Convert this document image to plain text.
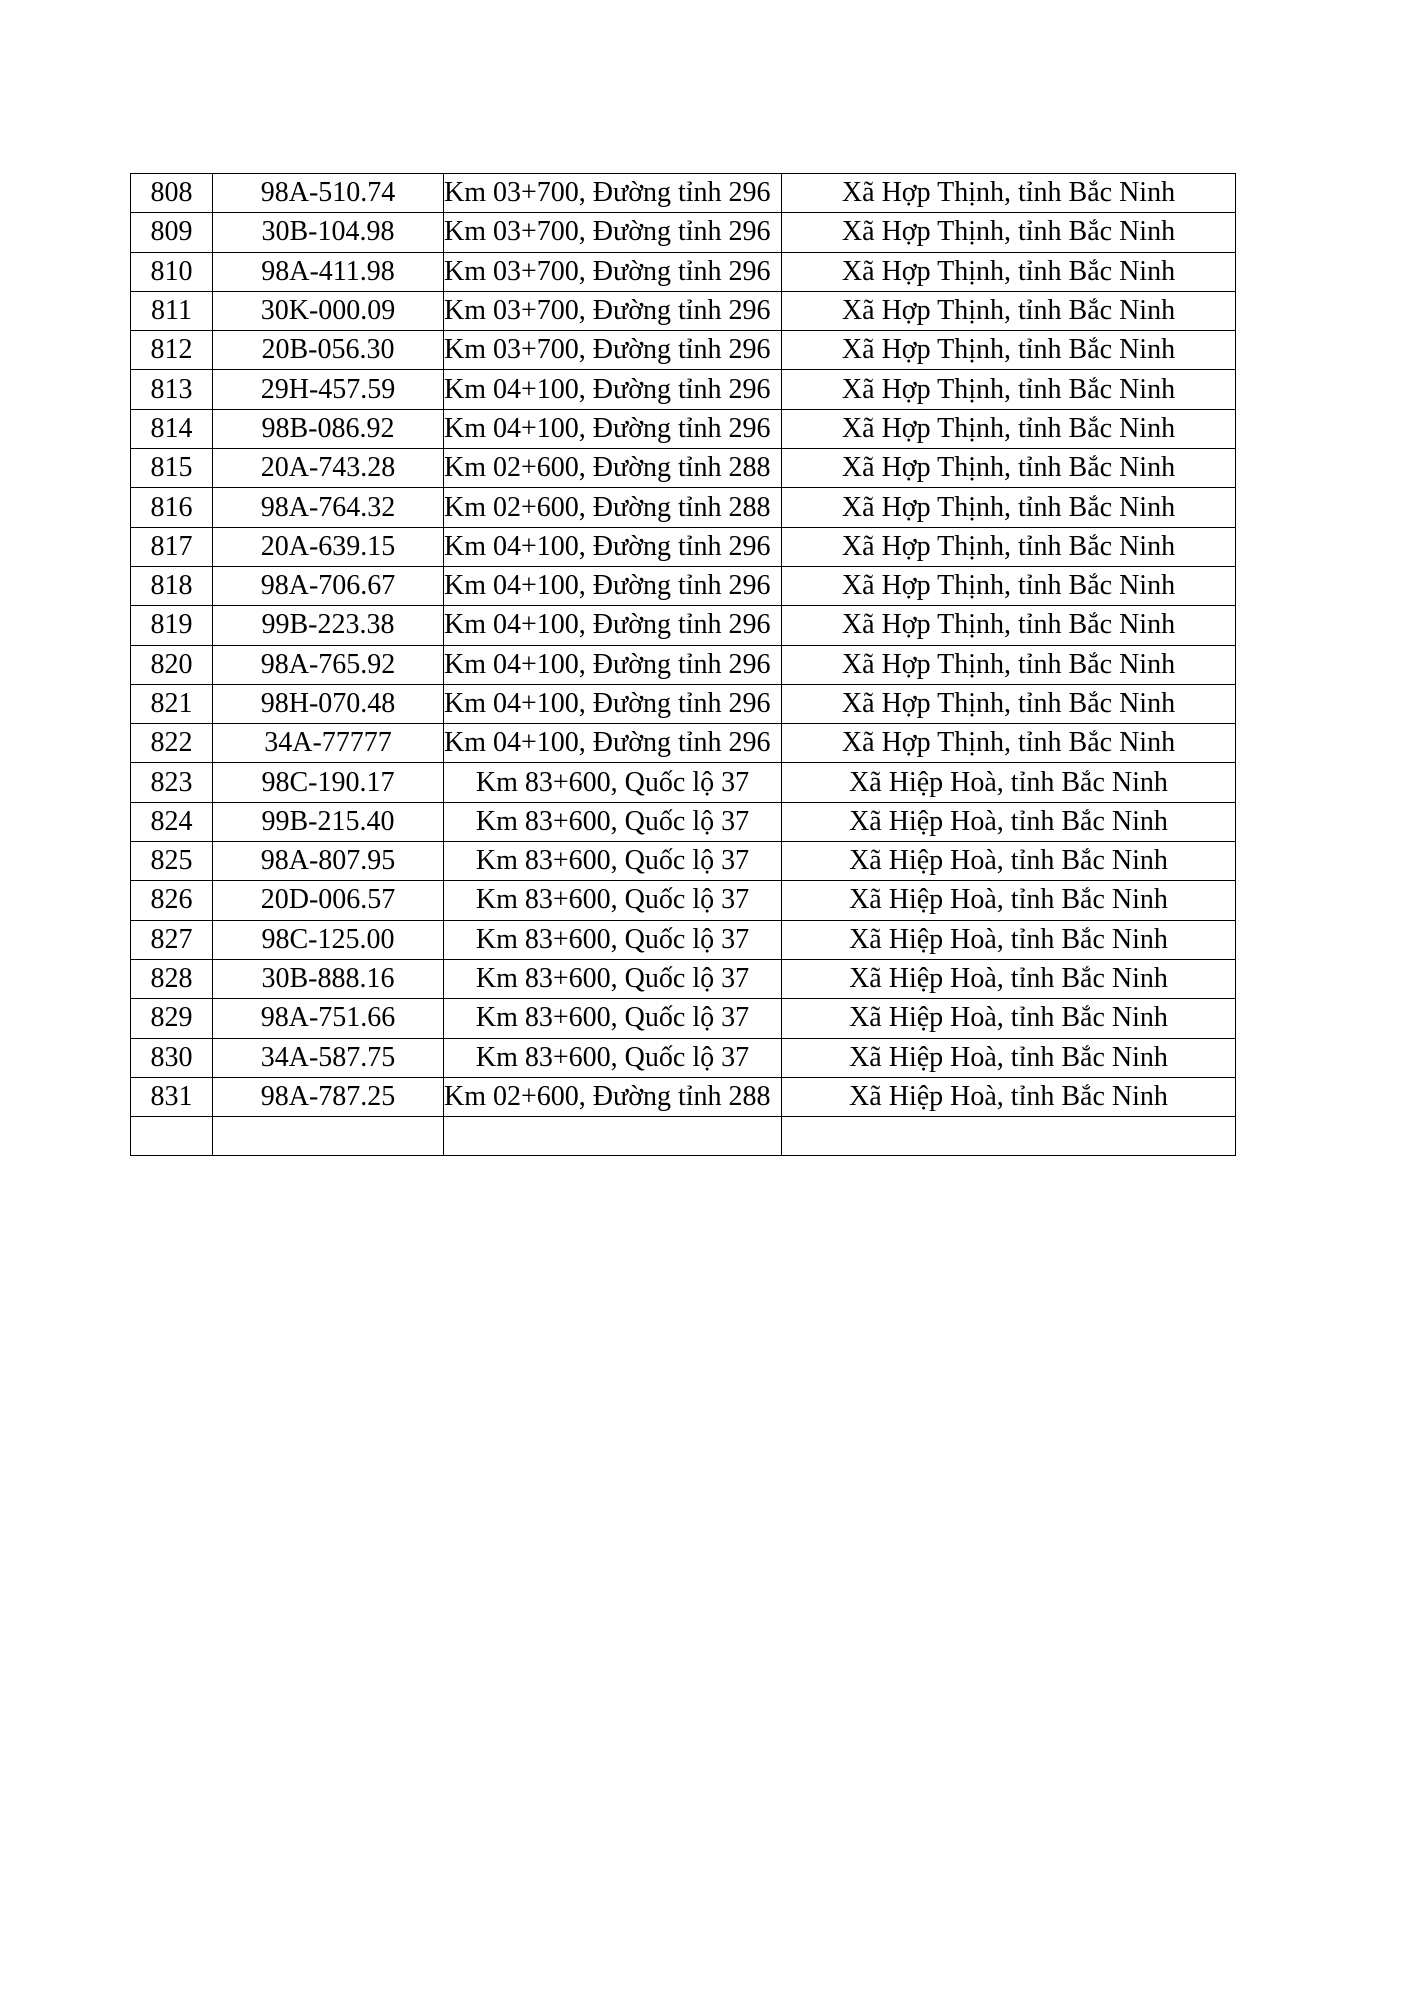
808	98A-510.74	Km 03+700, Đường tỉnh 296	Xã Hợp Thịnh, tỉnh Bắc Ninh
809	30B-104.98	Km 03+700, Đường tỉnh 296	Xã Hợp Thịnh, tỉnh Bắc Ninh
810	98A-411.98	Km 03+700, Đường tỉnh 296	Xã Hợp Thịnh, tỉnh Bắc Ninh
811	30K-000.09	Km 03+700, Đường tỉnh 296	Xã Hợp Thịnh, tỉnh Bắc Ninh
812	20B-056.30	Km 03+700, Đường tỉnh 296	Xã Hợp Thịnh, tỉnh Bắc Ninh
813	29H-457.59	Km 04+100, Đường tỉnh 296	Xã Hợp Thịnh, tỉnh Bắc Ninh
814	98B-086.92	Km 04+100, Đường tỉnh 296	Xã Hợp Thịnh, tỉnh Bắc Ninh
815	20A-743.28	Km 02+600, Đường tỉnh 288	Xã Hợp Thịnh, tỉnh Bắc Ninh
816	98A-764.32	Km 02+600, Đường tỉnh 288	Xã Hợp Thịnh, tỉnh Bắc Ninh
817	20A-639.15	Km 04+100, Đường tỉnh 296	Xã Hợp Thịnh, tỉnh Bắc Ninh
818	98A-706.67	Km 04+100, Đường tỉnh 296	Xã Hợp Thịnh, tỉnh Bắc Ninh
819	99B-223.38	Km 04+100, Đường tỉnh 296	Xã Hợp Thịnh, tỉnh Bắc Ninh
820	98A-765.92	Km 04+100, Đường tỉnh 296	Xã Hợp Thịnh, tỉnh Bắc Ninh
821	98H-070.48	Km 04+100, Đường tỉnh 296	Xã Hợp Thịnh, tỉnh Bắc Ninh
822	34A-77777	Km 04+100, Đường tỉnh 296	Xã Hợp Thịnh, tỉnh Bắc Ninh
823	98C-190.17	Km 83+600, Quốc lộ 37	Xã Hiệp Hoà, tỉnh Bắc Ninh
824	99B-215.40	Km 83+600, Quốc lộ 37	Xã Hiệp Hoà, tỉnh Bắc Ninh
825	98A-807.95	Km 83+600, Quốc lộ 37	Xã Hiệp Hoà, tỉnh Bắc Ninh
826	20D-006.57	Km 83+600, Quốc lộ 37	Xã Hiệp Hoà, tỉnh Bắc Ninh
827	98C-125.00	Km 83+600, Quốc lộ 37	Xã Hiệp Hoà, tỉnh Bắc Ninh
828	30B-888.16	Km 83+600, Quốc lộ 37	Xã Hiệp Hoà, tỉnh Bắc Ninh
829	98A-751.66	Km 83+600, Quốc lộ 37	Xã Hiệp Hoà, tỉnh Bắc Ninh
830	34A-587.75	Km 83+600, Quốc lộ 37	Xã Hiệp Hoà, tỉnh Bắc Ninh
831	98A-787.25	Km 02+600, Đường tỉnh 288	Xã Hiệp Hoà, tỉnh Bắc Ninh
